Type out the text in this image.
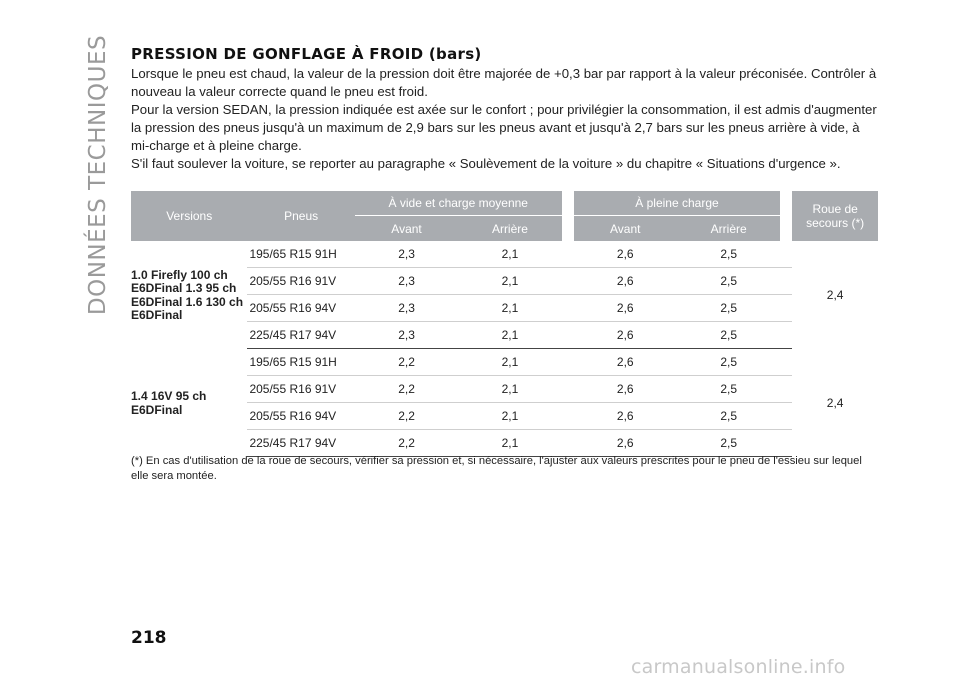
DONNÉES TECHNIQUES PRESSION DE GONFLAGE À FROID (bars)

Lorsque le pneu est chaud, la valeur de la pression doit être majorée de +0,3 bar par rapport à la valeur préconisée. Contrôler à nouveau la valeur correcte quand le pneu est froid.

Pour la version SEDAN, la pression indiquée est axée sur le confort ; pour privilégier la consommation, il est admis d'augmenter la pression des pneus jusqu'à un maximum de 2,9 bars sur les pneus avant et jusqu'à 2,7 bars sur les pneus arrière à vide, à mi-charge et à pleine charge.

S'il faut soulever la voiture, se reporter au paragraphe « Soulèvement de la voiture » du chapitre « Situations d'urgence ».

Versions	Pneus	À vide et charge moyenne			À pleine charge			Roue de secours (*)
		Avant	Arrière		Avant	Arrière		
1.0 Firefly 100 ch E6DFinal 1.3 95 ch E6DFinal 1.6 130 ch E6DFinal	195/65 R15 91H	2,3	2,1		2,6	2,5		2,4
	205/55 R16 91V	2,3	2,1		2,6	2,5		
	205/55 R16 94V	2,3	2,1		2,6	2,5		
	225/45 R17 94V	2,3	2,1		2,6	2,5		
1.4 16V 95 ch E6DFinal	195/65 R15 91H	2,2	2,1		2,6	2,5		2,4
	205/55 R16 91V	2,2	2,1		2,6	2,5		
	205/55 R16 94V	2,2	2,1		2,6	2,5		
	225/45 R17 94V	2,2	2,1		2,6	2,5		

(*) En cas d'utilisation de la roue de secours, vérifier sa pression et, si nécessaire, l'ajuster aux valeurs prescrites pour le pneu de l'essieu sur lequel elle sera montée.

218

carmanualsonline.info
